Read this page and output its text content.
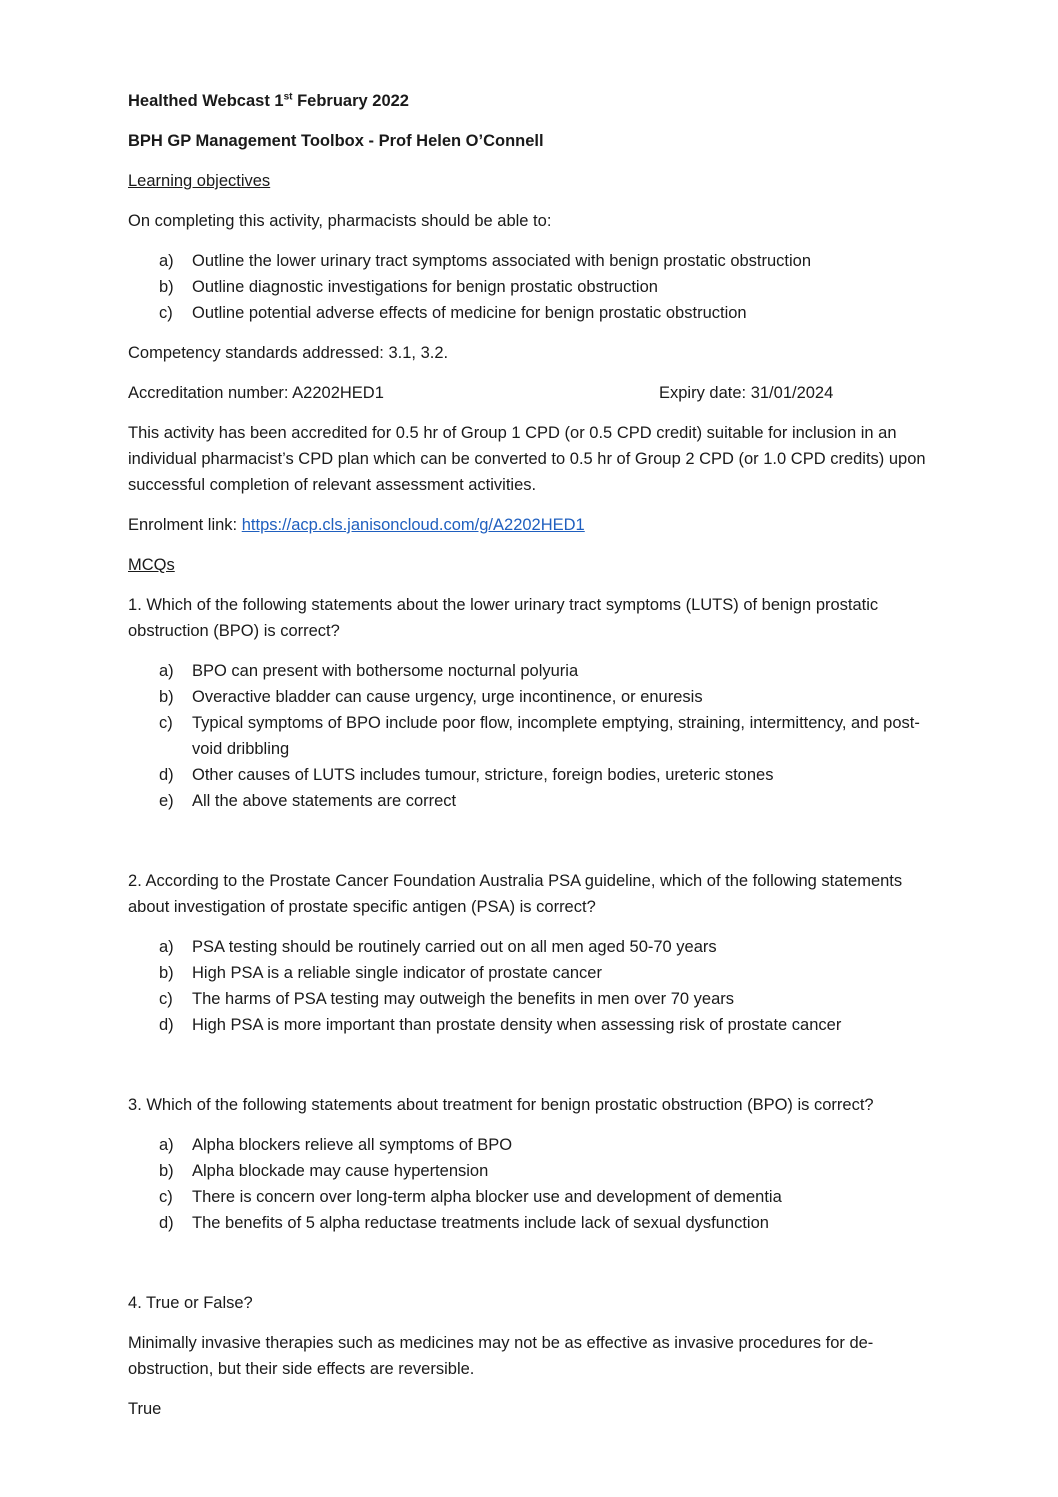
Healthed Webcast 1st February 2022

BPH GP Management Toolbox - Prof Helen O’Connell

Learning objectives

On completing this activity, pharmacists should be able to:

a) Outline the lower urinary tract symptoms associated with benign prostatic obstruction
b) Outline diagnostic investigations for benign prostatic obstruction
c) Outline potential adverse effects of medicine for benign prostatic obstruction

Competency standards addressed: 3.1, 3.2.

Accreditation number: A2202HED1	Expiry date: 31/01/2024

This activity has been accredited for 0.5 hr of Group 1 CPD (or 0.5 CPD credit) suitable for inclusion in an individual pharmacist’s CPD plan which can be converted to 0.5 hr of Group 2 CPD (or 1.0 CPD credits) upon successful completion of relevant assessment activities.

Enrolment link: https://acp.cls.janisoncloud.com/g/A2202HED1

MCQs

1. Which of the following statements about the lower urinary tract symptoms (LUTS) of benign prostatic obstruction (BPO) is correct?

a) BPO can present with bothersome nocturnal polyuria
b) Overactive bladder can cause urgency, urge incontinence, or enuresis
c) Typical symptoms of BPO include poor flow, incomplete emptying, straining, intermittency, and post-void dribbling
d) Other causes of LUTS includes tumour, stricture, foreign bodies, ureteric stones
e) All the above statements are correct

2. According to the Prostate Cancer Foundation Australia PSA guideline, which of the following statements about investigation of prostate specific antigen (PSA) is correct?

a) PSA testing should be routinely carried out on all men aged 50-70 years
b) High PSA is a reliable single indicator of prostate cancer
c) The harms of PSA testing may outweigh the benefits in men over 70 years
d) High PSA is more important than prostate density when assessing risk of prostate cancer

3. Which of the following statements about treatment for benign prostatic obstruction (BPO) is correct?

a) Alpha blockers relieve all symptoms of BPO
b) Alpha blockade may cause hypertension
c) There is concern over long-term alpha blocker use and development of dementia
d) The benefits of 5 alpha reductase treatments include lack of sexual dysfunction

4. True or False?

Minimally invasive therapies such as medicines may not be as effective as invasive procedures for de-obstruction, but their side effects are reversible.

True
